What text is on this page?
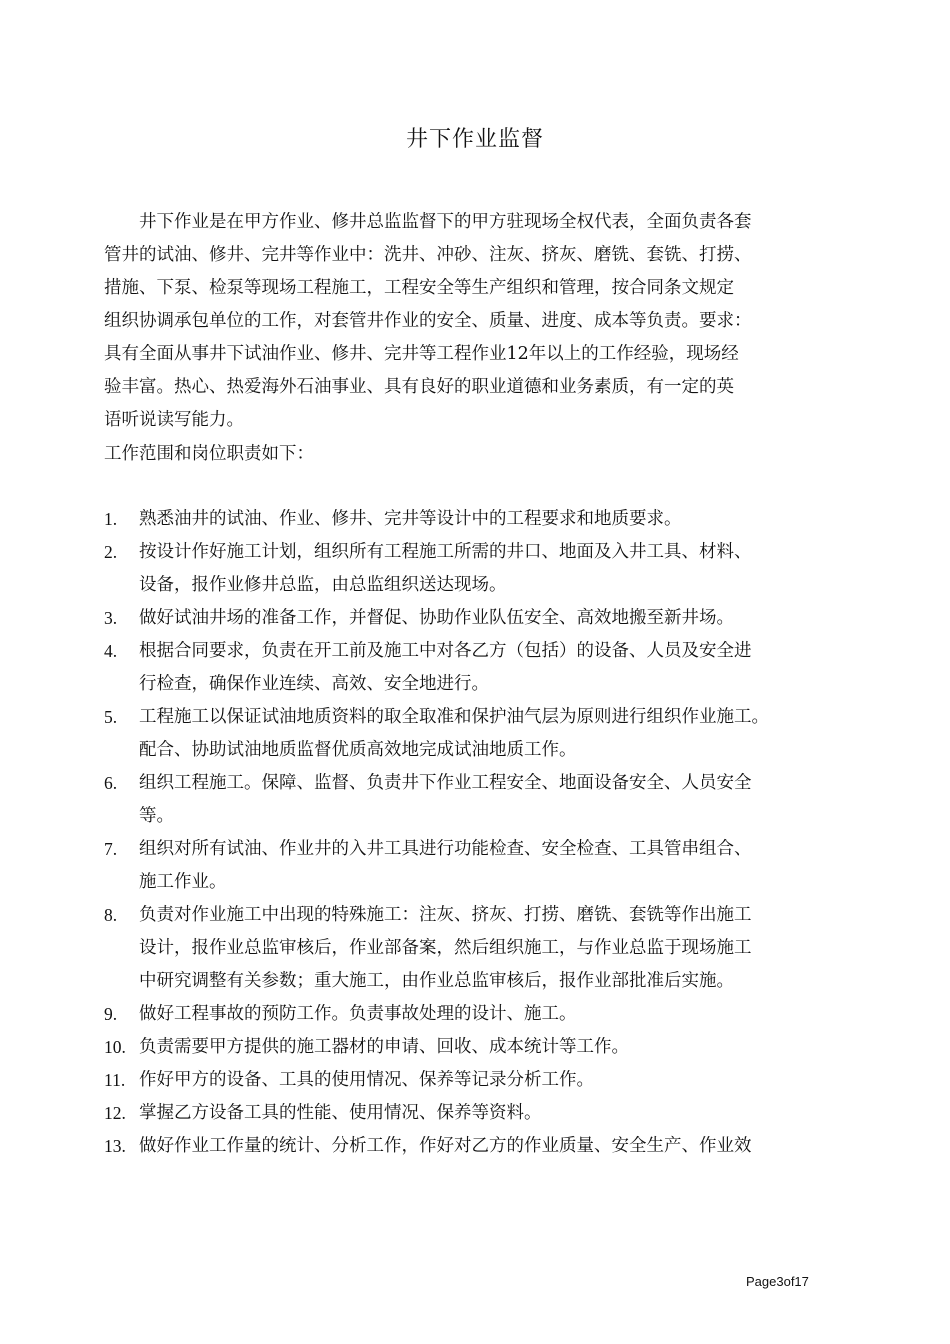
井下作业监督
井下作业是在甲方作业、修井总监监督下的甲方驻现场全权代表，全面负责各套
管井的试油、修井、完井等作业中：洗井、冲砂、注灰、挤灰、磨铣、套铣、打捞、
措施、下泵、检泵等现场工程施工，工程安全等生产组织和管理，按合同条文规定
组织协调承包单位的工作，对套管井作业的安全、质量、进度、成本等负责。要求：
具有全面从事井下试油作业、修井、完井等工程作业12年以上的工作经验，现场经
验丰富。热心、热爱海外石油事业、具有良好的职业道德和业务素质，有一定的英
语听说读写能力。
工作范围和岗位职责如下：
1.	熟悉油井的试油、作业、修井、完井等设计中的工程要求和地质要求。
2.	按设计作好施工计划，组织所有工程施工所需的井口、地面及入井工具、材料、
设备，报作业修井总监，由总监组织送达现场。
3.	做好试油井场的准备工作，并督促、协助作业队伍安全、高效地搬至新井场。
4.	根据合同要求，负责在开工前及施工中对各乙方（包括）的设备、人员及安全进
行检查，确保作业连续、高效、安全地进行。
5.	工程施工以保证试油地质资料的取全取准和保护油气层为原则进行组织作业施工。
配合、协助试油地质监督优质高效地完成试油地质工作。
6.	组织工程施工。保障、监督、负责井下作业工程安全、地面设备安全、人员安全
等。
7.	组织对所有试油、作业井的入井工具进行功能检查、安全检查、工具管串组合、
施工作业。
8.	负责对作业施工中出现的特殊施工：注灰、挤灰、打捞、磨铣、套铣等作出施工
设计，报作业总监审核后，作业部备案，然后组织施工，与作业总监于现场施工
中研究调整有关参数；重大施工，由作业总监审核后，报作业部批准后实施。
9.	做好工程事故的预防工作。负责事故处理的设计、施工。
10. 负责需要甲方提供的施工器材的申请、回收、成本统计等工作。
11. 作好甲方的设备、工具的使用情况、保养等记录分析工作。
12. 掌握乙方设备工具的性能、使用情况、保养等资料。
13. 做好作业工作量的统计、分析工作，作好对乙方的作业质量、安全生产、作业效
Page3of17
